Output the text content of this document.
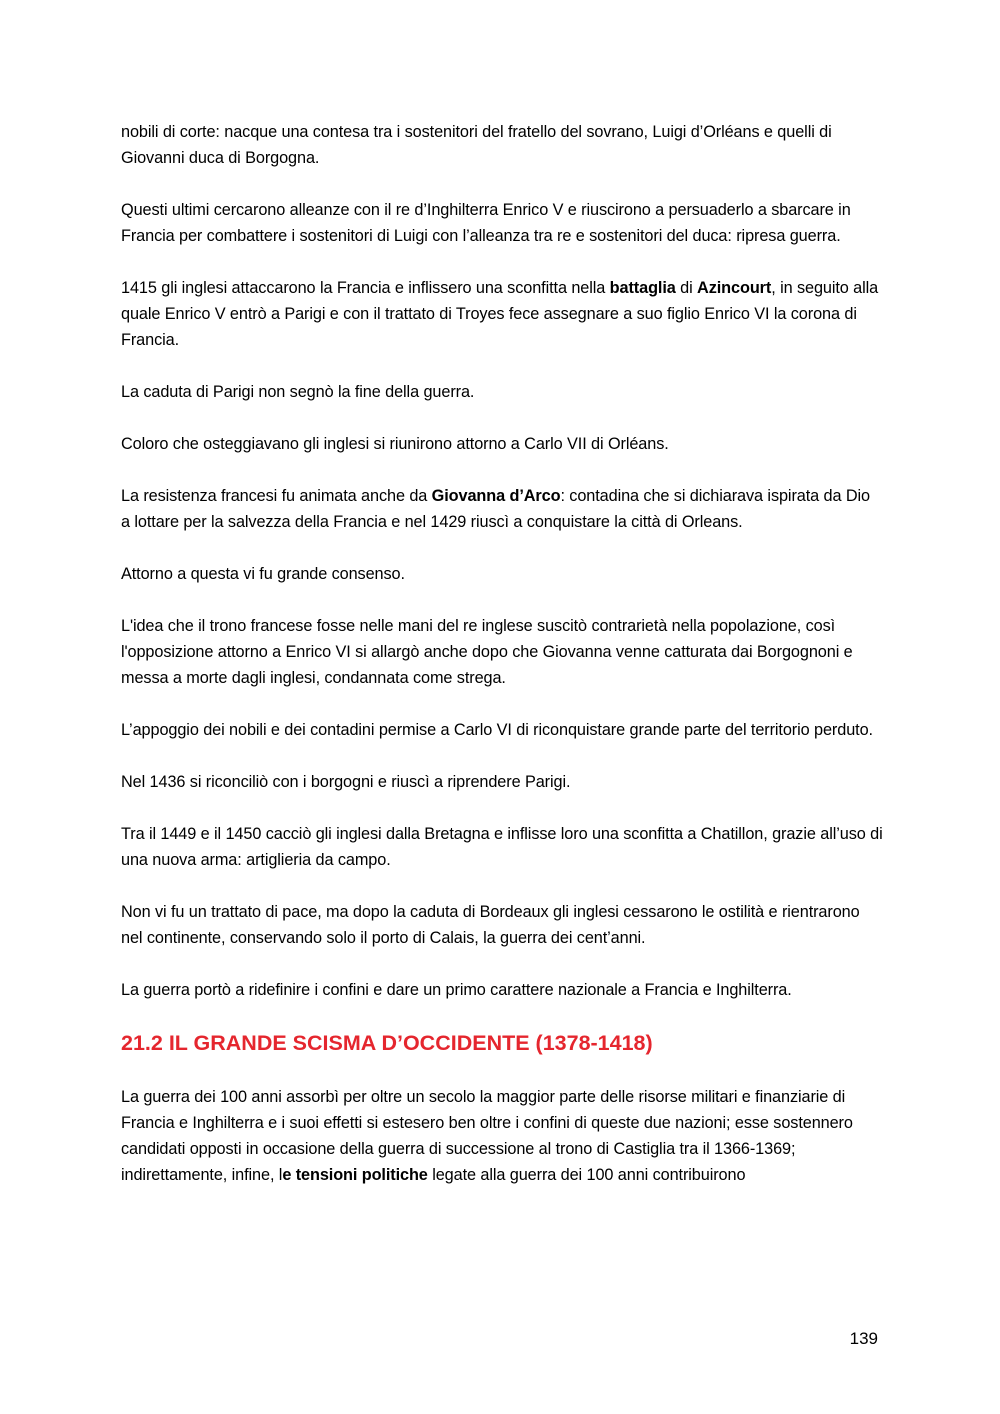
nobili di corte: nacque una contesa tra i sostenitori del fratello del sovrano, Luigi d’Orléans e quelli di Giovanni duca di Borgogna.

Questi ultimi cercarono alleanze con il re d’Inghilterra Enrico V e riuscirono a persuaderlo a sbarcare in Francia per combattere i sostenitori di Luigi con l’alleanza tra re e sostenitori del duca: ripresa guerra.

1415 gli inglesi attaccarono la Francia e inflissero una sconfitta nella battaglia di Azincourt, in seguito alla quale Enrico V entrò a Parigi e con il trattato di Troyes fece assegnare a suo figlio Enrico VI la corona di Francia.

La caduta di Parigi non segnò la fine della guerra.

Coloro che osteggiavano gli inglesi si riunirono attorno a Carlo VII di Orléans.

La resistenza francesi fu animata anche da Giovanna d’Arco: contadina che si dichiarava ispirata da Dio a lottare per la salvezza della Francia e nel 1429 riuscì a conquistare la città di Orleans.

Attorno a questa vi fu grande consenso.

L'idea che il trono francese fosse nelle mani del re inglese suscitò contrarietà nella popolazione, così l'opposizione attorno a Enrico VI si allargò anche dopo che Giovanna venne catturata dai Borgognoni e messa a morte dagli inglesi, condannata come strega.

L’appoggio dei nobili e dei contadini permise a Carlo VI di riconquistare grande parte del territorio perduto.

Nel 1436 si riconciliò con i borgogni e riuscì a riprendere Parigi.

Tra il 1449 e il 1450 cacciò gli inglesi dalla Bretagna e inflisse loro una sconfitta a Chatillon, grazie all’uso di una nuova arma: artiglieria da campo.

Non vi fu un trattato di pace, ma dopo la caduta di Bordeaux gli inglesi cessarono le ostilità e rientrarono nel continente, conservando solo il porto di Calais, la guerra dei cent’anni.

La guerra portò a ridefinire i confini e dare un primo carattere nazionale a Francia e Inghilterra.

21.2 IL GRANDE SCISMA D’OCCIDENTE (1378-1418)

La guerra dei 100 anni assorbì per oltre un secolo la maggior parte delle risorse militari e finanziarie di Francia e Inghilterra e i suoi effetti si estesero ben oltre i confini di queste due nazioni; esse sostennero candidati opposti in occasione della guerra di successione al trono di Castiglia tra il 1366-1369; indirettamente, infine, le tensioni politiche legate alla guerra dei 100 anni contribuirono

139
